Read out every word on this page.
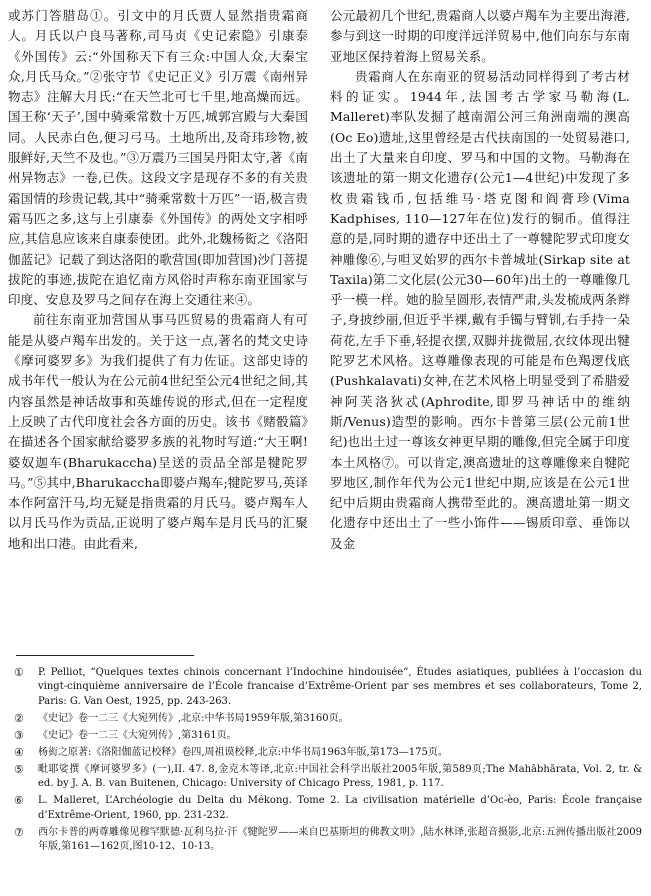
或苏门答腊岛①。引文中的月氏贾人显然指贵霜商人。月氏以户良马著称,司马贞《史记索隐》引康泰《外国传》云:“外国称天下有三众:中国人众,大秦宝众,月氏马众。”②张守节《史记正义》引万震《南州异物志》注解大月氏:“在天竺北可七千里,地高燥而远。国王称‘天子’,国中骑乘常数十万匹,城郭宫殿与大秦国同。人民赤白色,便习弓马。土地所出,及奇玮珍物,被服鲜好,天竺不及也。”③万震乃三国吴丹阳太守,著《南州异物志》一卷,已佚。这段文字是现存不多的有关贵霜国情的珍贵记载,其中“骑乘常数十万匹”一语,极言贵霜马匹之多,这与上引康泰《外国传》的两处文字相呼应,其信息应该来自康泰使团。此外,北魏杨衒之《洛阳伽蓝记》记载了到达洛阳的歌营国(即加营国)沙门菩提拔陀的事迹,拔陀在追忆南方风俗时声称东南亚国家与印度、安息及罗马之间存在海上交通往来④。

前往东南亚加营国从事马匹贸易的贵霜商人有可能是从婆卢羯车出发的。关于这一点,著名的梵文史诗《摩诃婆罗多》为我们提供了有力佐证。这部史诗的成书年代一般认为在公元前4世纪至公元4世纪之间,其内容虽然是神话故事和英雄传说的形式,但在一定程度上反映了古代印度社会各方面的历史。该书《赌骰篇》在描述各个国家献给婆罗多族的礼物时写道:“大王啊!婆奴迦车(Bharukaccha)呈送的贡品全部是犍陀罗马。”⑤其中,Bharukaccha即婆卢羯车;犍陀罗马,英译本作阿富汗马,均无疑是指贵霜的月氏马。婆卢羯车人以月氏马作为贡品,正说明了婆卢羯车是月氏马的汇聚地和出口港。由此看来,

公元最初几个世纪,贵霜商人以婆卢羯车为主要出海港,参与到这一时期的印度洋远洋贸易中,他们向东与东南亚地区保持着海上贸易关系。

贵霜商人在东南亚的贸易活动同样得到了考古材料的证实。1944年,法国考古学家马勒海(L. Malleret)率队发掘了越南湄公河三角洲南端的澳高(Oc Eo)遗址,这里曾经是古代扶南国的一处贸易港口,出土了大量来自印度、罗马和中国的文物。马勒海在该遗址的第一期文化遗存(公元1—4世纪)中发现了多枚贵霜钱币,包括维马·塔克图和阎膏珍(Vima Kadphises, 110—127年在位)发行的铜币。值得注意的是,同时期的遗存中还出土了一尊犍陀罗式印度女神雕像⑥,与呾叉始罗的西尔卡普城址(Sirkap site at Taxila)第二文化层(公元30—60年)出土的一尊雕像几乎一模一样。她的脸呈圆形,表情严肃,头发梳成两条辫子,身披纱丽,但近乎半裸,戴有手镯与臂钏,右手持一朵荷花,左手下垂,轻提衣摆,双脚并拢微屈,衣纹体现出犍陀罗艺术风格。这尊雕像表现的可能是布色羯逻伐底(Pushkalavati)女神,在艺术风格上明显受到了希腊爱神阿芙洛狄忒(Aphrodite,即罗马神话中的维纳斯/Venus)造型的影响。西尔卡普第三层(公元前1世纪)也出土过一尊该女神更早期的雕像,但完全属于印度本土风格⑦。可以肯定,澳高遗址的这尊雕像来自犍陀罗地区,制作年代为公元1世纪中期,应该是在公元1世纪中后期由贵霜商人携带至此的。澳高遗址第一期文化遗存中还出土了一些小饰件——锡质印章、垂饰以及金

①	P. Pelliot, “Quelques textes chinois concernant l’Indochine hindouisée”, Études asiatiques, publiées à l’occasion du vingt-cinquième anniversaire de l’École francaise d’Extrême-Orient par ses membres et ses collaborateurs, Tome 2, Paris: G. Van Oest, 1925, pp. 243-263.
②	《史记》卷一二三《大宛列传》,北京:中华书局1959年版,第3160页。
③	《史记》卷一二三《大宛列传》,第3161页。
④	杨衒之原著:《洛阳伽蓝记校释》卷四,周祖谟校释,北京:中华书局1963年版,第173—175页。
⑤	毗耶娑撰《摩诃婆罗多》(一),II. 47. 8,金克木等译,北京:中国社会科学出版社2005年版,第589页;The Mahābhārata, Vol. 2, tr. & ed. by J. A. B. van Buitenen, Chicago: University of Chicago Press, 1981, p. 117.
⑥	L. Malleret, L’Archéologie du Delta du Mékong. Tome 2. La civilisation matérielle d’Oc-èo, Paris: École française d’Extrême-Orient, 1960, pp. 231-232.
⑦	西尔卡普的两尊雕像见穆罕默德·瓦利乌拉·汗《犍陀罗——来自巴基斯坦的佛教文明》,陆水林译,张超音摄影,北京:五洲传播出版社2009年版,第161—162页,图10-12、10-13。
